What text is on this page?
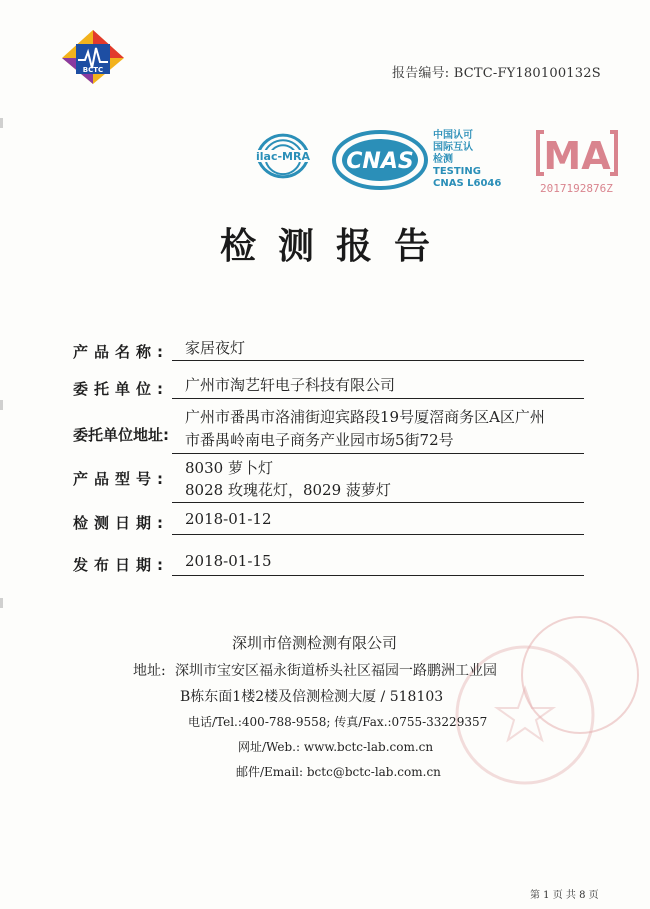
BCTC	报告编号: BCTC-FY180100132S
ilac-MRA CNAS
中国认可
国际互认
检测
TESTING
CNAS L6046
MA
2017192876Z
检测报告
产品名称: 家居夜灯
委托单位: 广州市淘艺轩电子科技有限公司
委托单位地址:
广州市番禺市洛浦街迎宾路段19号厦滘商务区A区广州
市番禺岭南电子商务产业园市场5街72号
产品型号:
8030 萝卜灯
8028 玫瑰花灯，8029 菠萝灯
检测日期: 2018-01-12
发布日期: 2018-01-15
深圳市倍测检测有限公司
地址: 深圳市宝安区福永街道桥头社区福园一路鹏洲工业园
B栋东面1楼2楼及倍测检测大厦 / 518103
电话/Tel.:400-788-9558; 传真/Fax.:0755-33229357
网址/Web.: www.bctc-lab.com.cn
邮件/Email: bctc@bctc-lab.com.cn
第 1 页 共 8 页
